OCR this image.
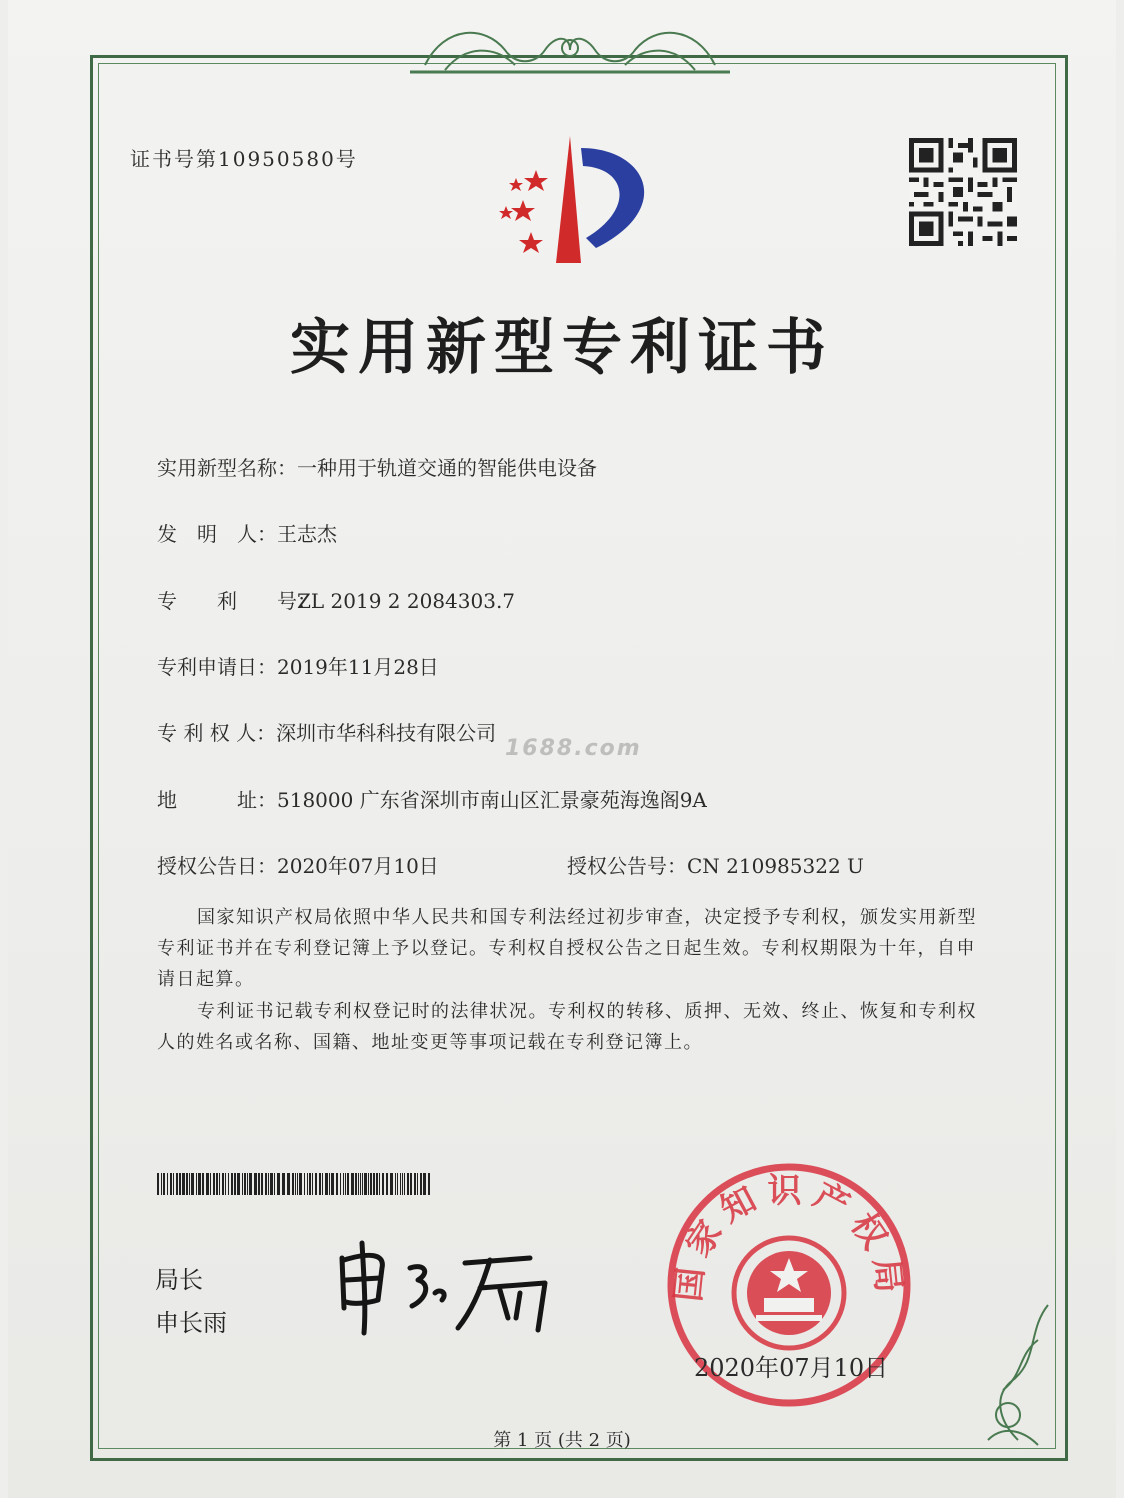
证书号第10950580号
实用新型专利证书
实用新型名称：一种用于轨道交通的智能供电设备
发　明　人：王志杰
专　　利　　号：ZL 2019 2 2084303.7
专利申请日：2019年11月28日
专 利 权 人：深圳市华科科技有限公司
1688.com
地　　　址：518000 广东省深圳市南山区汇景豪苑海逸阁9A
授权公告日：2020年07月10日	授权公告号：CN 210985322 U
国家知识产权局依照中华人民共和国专利法经过初步审查，决定授予专利权，颁发实用新型专利证书并在专利登记簿上予以登记。专利权自授权公告之日起生效。专利权期限为十年，自申请日起算。
专利证书记载专利权登记时的法律状况。专利权的转移、质押、无效、终止、恢复和专利权人的姓名或名称、国籍、地址变更等事项记载在专利登记簿上。
局长
申长雨
国家知识产权局
2020年07月10日
第 1 页 (共 2 页)
